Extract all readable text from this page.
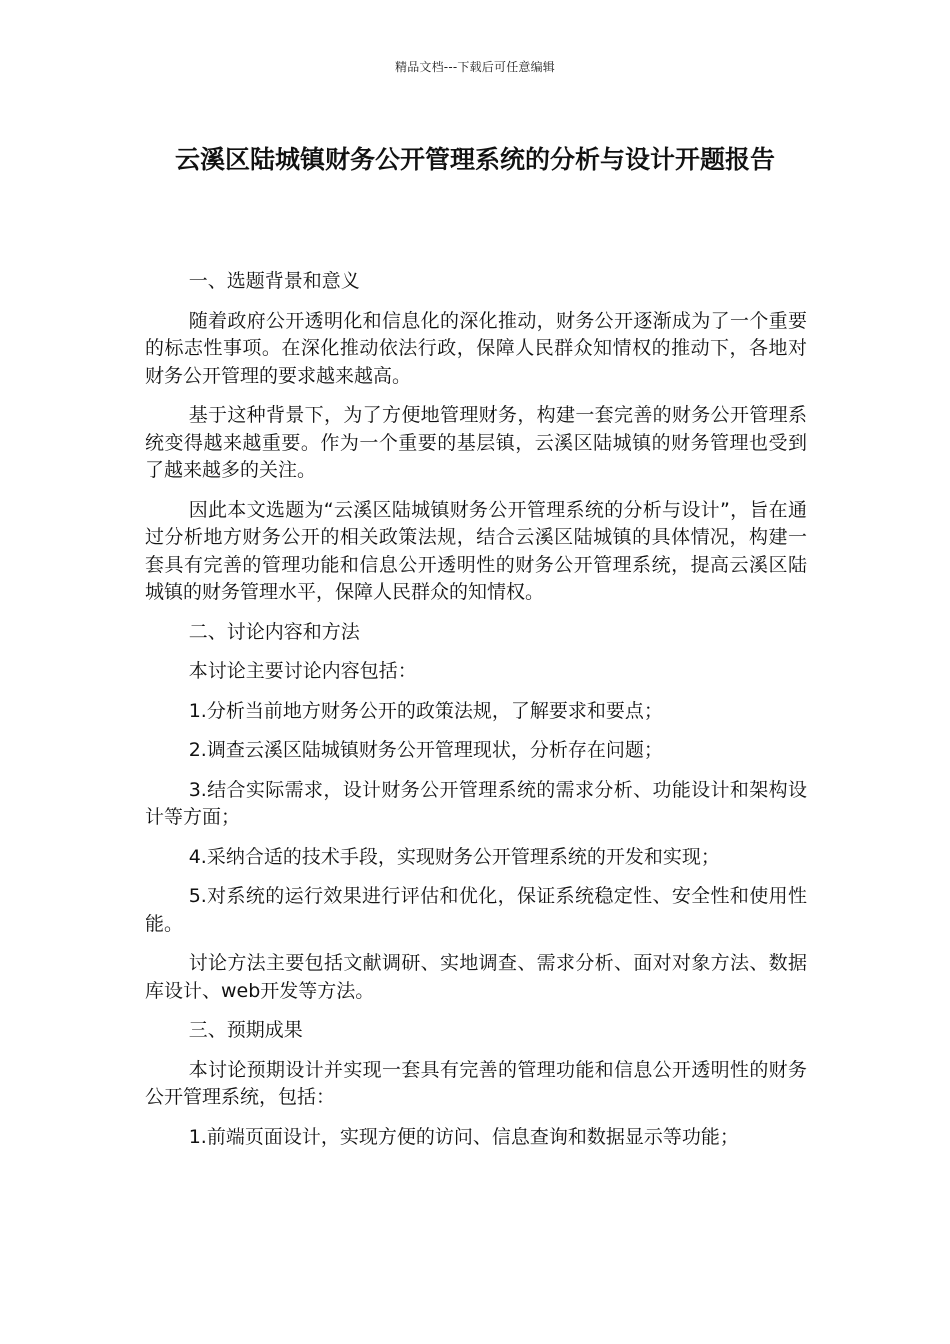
精品文档---下载后可任意编辑
云溪区陆城镇财务公开管理系统的分析与设计开题报告

一、选题背景和意义

随着政府公开透明化和信息化的深化推动，财务公开逐渐成为了一个重要的标志性事项。在深化推动依法行政，保障人民群众知情权的推动下，各地对财务公开管理的要求越来越高。

基于这种背景下，为了方便地管理财务，构建一套完善的财务公开管理系统变得越来越重要。作为一个重要的基层镇，云溪区陆城镇的财务管理也受到了越来越多的关注。

因此本文选题为“云溪区陆城镇财务公开管理系统的分析与设计”，旨在通过分析地方财务公开的相关政策法规，结合云溪区陆城镇的具体情况，构建一套具有完善的管理功能和信息公开透明性的财务公开管理系统，提高云溪区陆城镇的财务管理水平，保障人民群众的知情权。

二、讨论内容和方法

本讨论主要讨论内容包括：

1.分析当前地方财务公开的政策法规，了解要求和要点；

2.调查云溪区陆城镇财务公开管理现状，分析存在问题；

3.结合实际需求，设计财务公开管理系统的需求分析、功能设计和架构设计等方面；

4.采纳合适的技术手段，实现财务公开管理系统的开发和实现；

5.对系统的运行效果进行评估和优化，保证系统稳定性、安全性和使用性能。

讨论方法主要包括文献调研、实地调查、需求分析、面对对象方法、数据库设计、web开发等方法。

三、预期成果

本讨论预期设计并实现一套具有完善的管理功能和信息公开透明性的财务公开管理系统，包括：

1.前端页面设计，实现方便的访问、信息查询和数据显示等功能；
